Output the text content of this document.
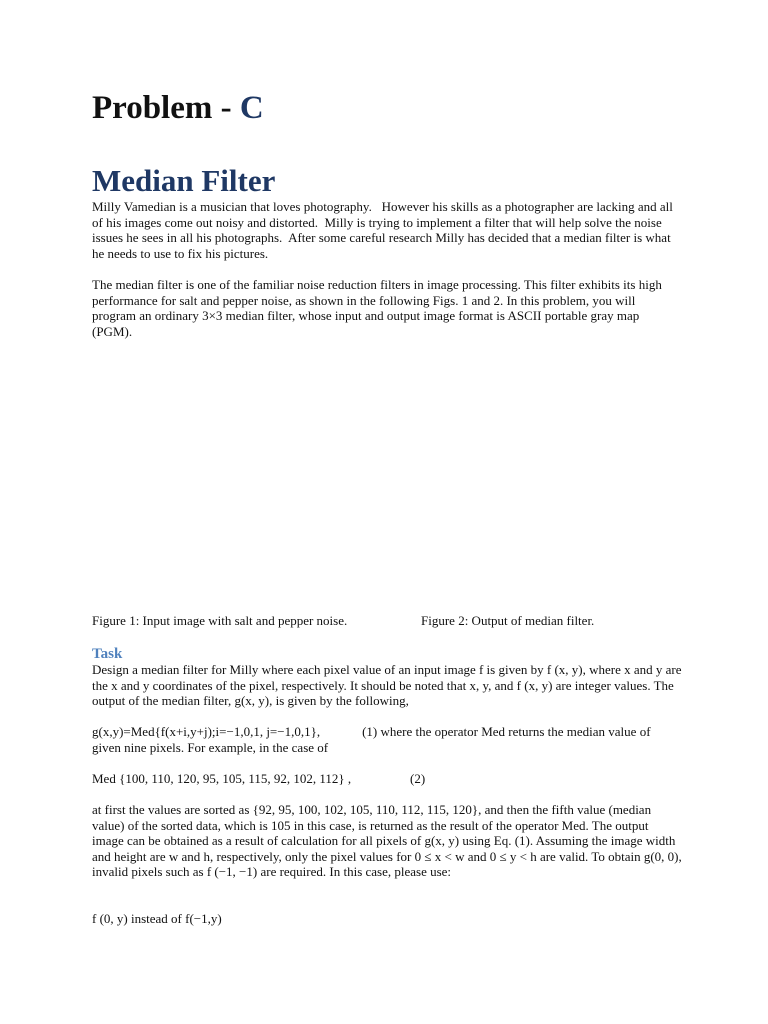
Problem - C
Median Filter

Milly Vamedian is a musician that loves photography.   However his skills as a photographer are lacking and all of his images come out noisy and distorted.  Milly is trying to implement a filter that will help solve the noise issues he sees in all his photographs.  After some careful research Milly has decided that a median filter is what he needs to use to fix his pictures.

The median filter is one of the familiar noise reduction filters in image processing. This filter exhibits its high performance for salt and pepper noise, as shown in the following Figs. 1 and 2. In this problem, you will program an ordinary 3×3 median filter, whose input and output image format is ASCII portable gray map (PGM).

Figure 1: Input image with salt and pepper noise.	Figure 2: Output of median filter.
Task

Design a median filter for Milly where each pixel value of an input image f is given by f (x, y), where x and y are the x and y coordinates of the pixel, respectively. It should be noted that x, y, and f (x, y) are integer values. The output of the median filter, g(x, y), is given by the following,

g(x,y)=Med{f(x+i,y+j);i=−1,0,1, j=−1,0,1},	(1) where the operator Med returns the median value of given nine pixels. For example, in the case of

Med {100, 110, 120, 95, 105, 115, 92, 102, 112} ,	(2)

at first the values are sorted as {92, 95, 100, 102, 105, 110, 112, 115, 120}, and then the fifth value (median value) of the sorted data, which is 105 in this case, is returned as the result of the operator Med. The output image can be obtained as a result of calculation for all pixels of g(x, y) using Eq. (1). Assuming the image width and height are w and h, respectively, only the pixel values for 0 ≤ x < w and 0 ≤ y < h are valid. To obtain g(0, 0), invalid pixels such as f (−1, −1) are required. In this case, please use:

f (0, y) instead of f(−1,y)
